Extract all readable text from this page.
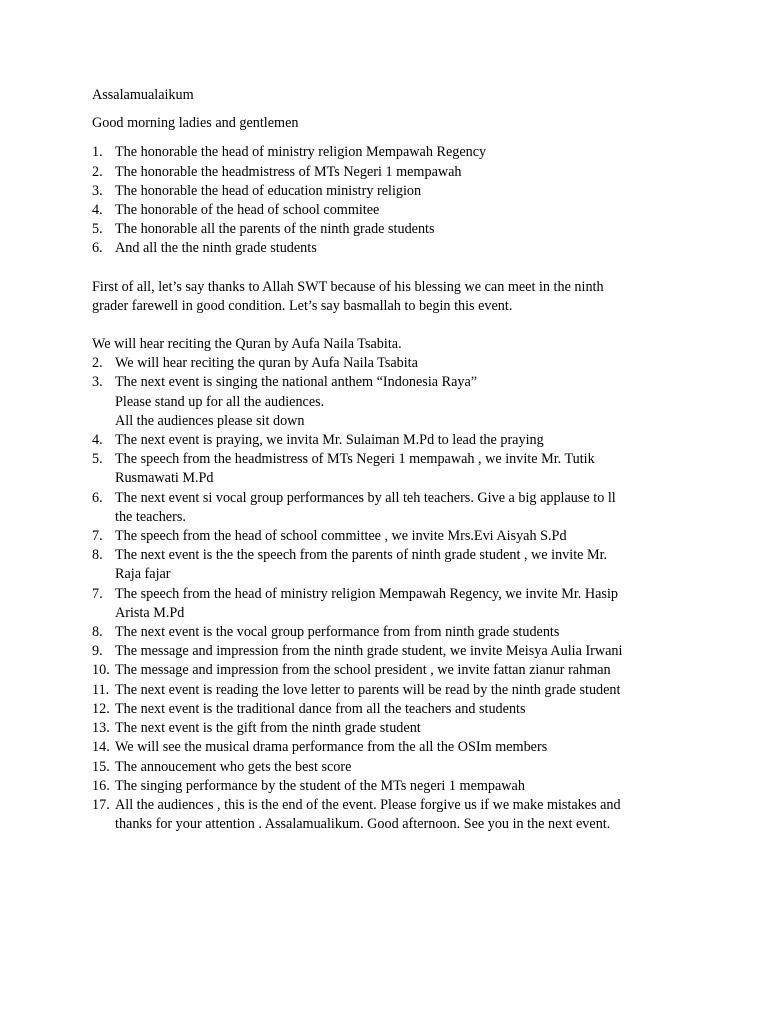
Assalamualaikum

Good morning ladies and gentlemen

1. The honorable the head of ministry religion Mempawah Regency
2. The honorable the headmistress of MTs Negeri 1 mempawah
3. The honorable the head of education ministry religion
4. The honorable of the head of school commitee
5. The honorable all the parents of the ninth grade students
6. And all the the ninth grade students

First of all, let’s say thanks to Allah SWT because of his blessing we can meet in the ninth

grader farewell in good condition. Let’s say basmallah to begin this event.

We will hear reciting the Quran by Aufa Naila Tsabita.

2. We will hear reciting the quran by Aufa Naila Tsabita
3. The next event is singing the national anthem “Indonesia Raya”
Please stand up for all the audiences.
All the audiences please sit down
4. The next event is praying, we invita Mr. Sulaiman M.Pd to lead the praying
5. The speech from the headmistress of MTs Negeri 1 mempawah , we invite Mr. Tutik
Rusmawati M.Pd
6. The next event si vocal group performances by all teh teachers. Give a big applause to ll
the teachers.
7. The speech from the head of school committee , we invite Mrs.Evi Aisyah S.Pd
8. The next event is the the speech from the parents of ninth grade student , we invite Mr.
Raja fajar
7. The speech from the head of ministry religion Mempawah Regency, we invite Mr. Hasip
Arista M.Pd
8. The next event is the vocal group performance from from ninth grade students
9. The message and impression from the ninth grade student, we invite Meisya Aulia Irwani
10. The message and impression from the school president , we invite fattan zianur rahman
11. The next event is reading the love letter to parents will be read by the ninth grade student
12. The next event is the traditional dance from all the teachers and students
13. The next event is the gift from the ninth grade student
14. We will see the musical drama performance from the all the OSIm members
15. The annoucement who gets the best score
16. The singing performance by the student of the MTs negeri 1 mempawah
17. All the audiences , this is the end of the event. Please forgive us if we make mistakes and
thanks for your attention . Assalamualikum. Good afternoon. See you in the next event.
